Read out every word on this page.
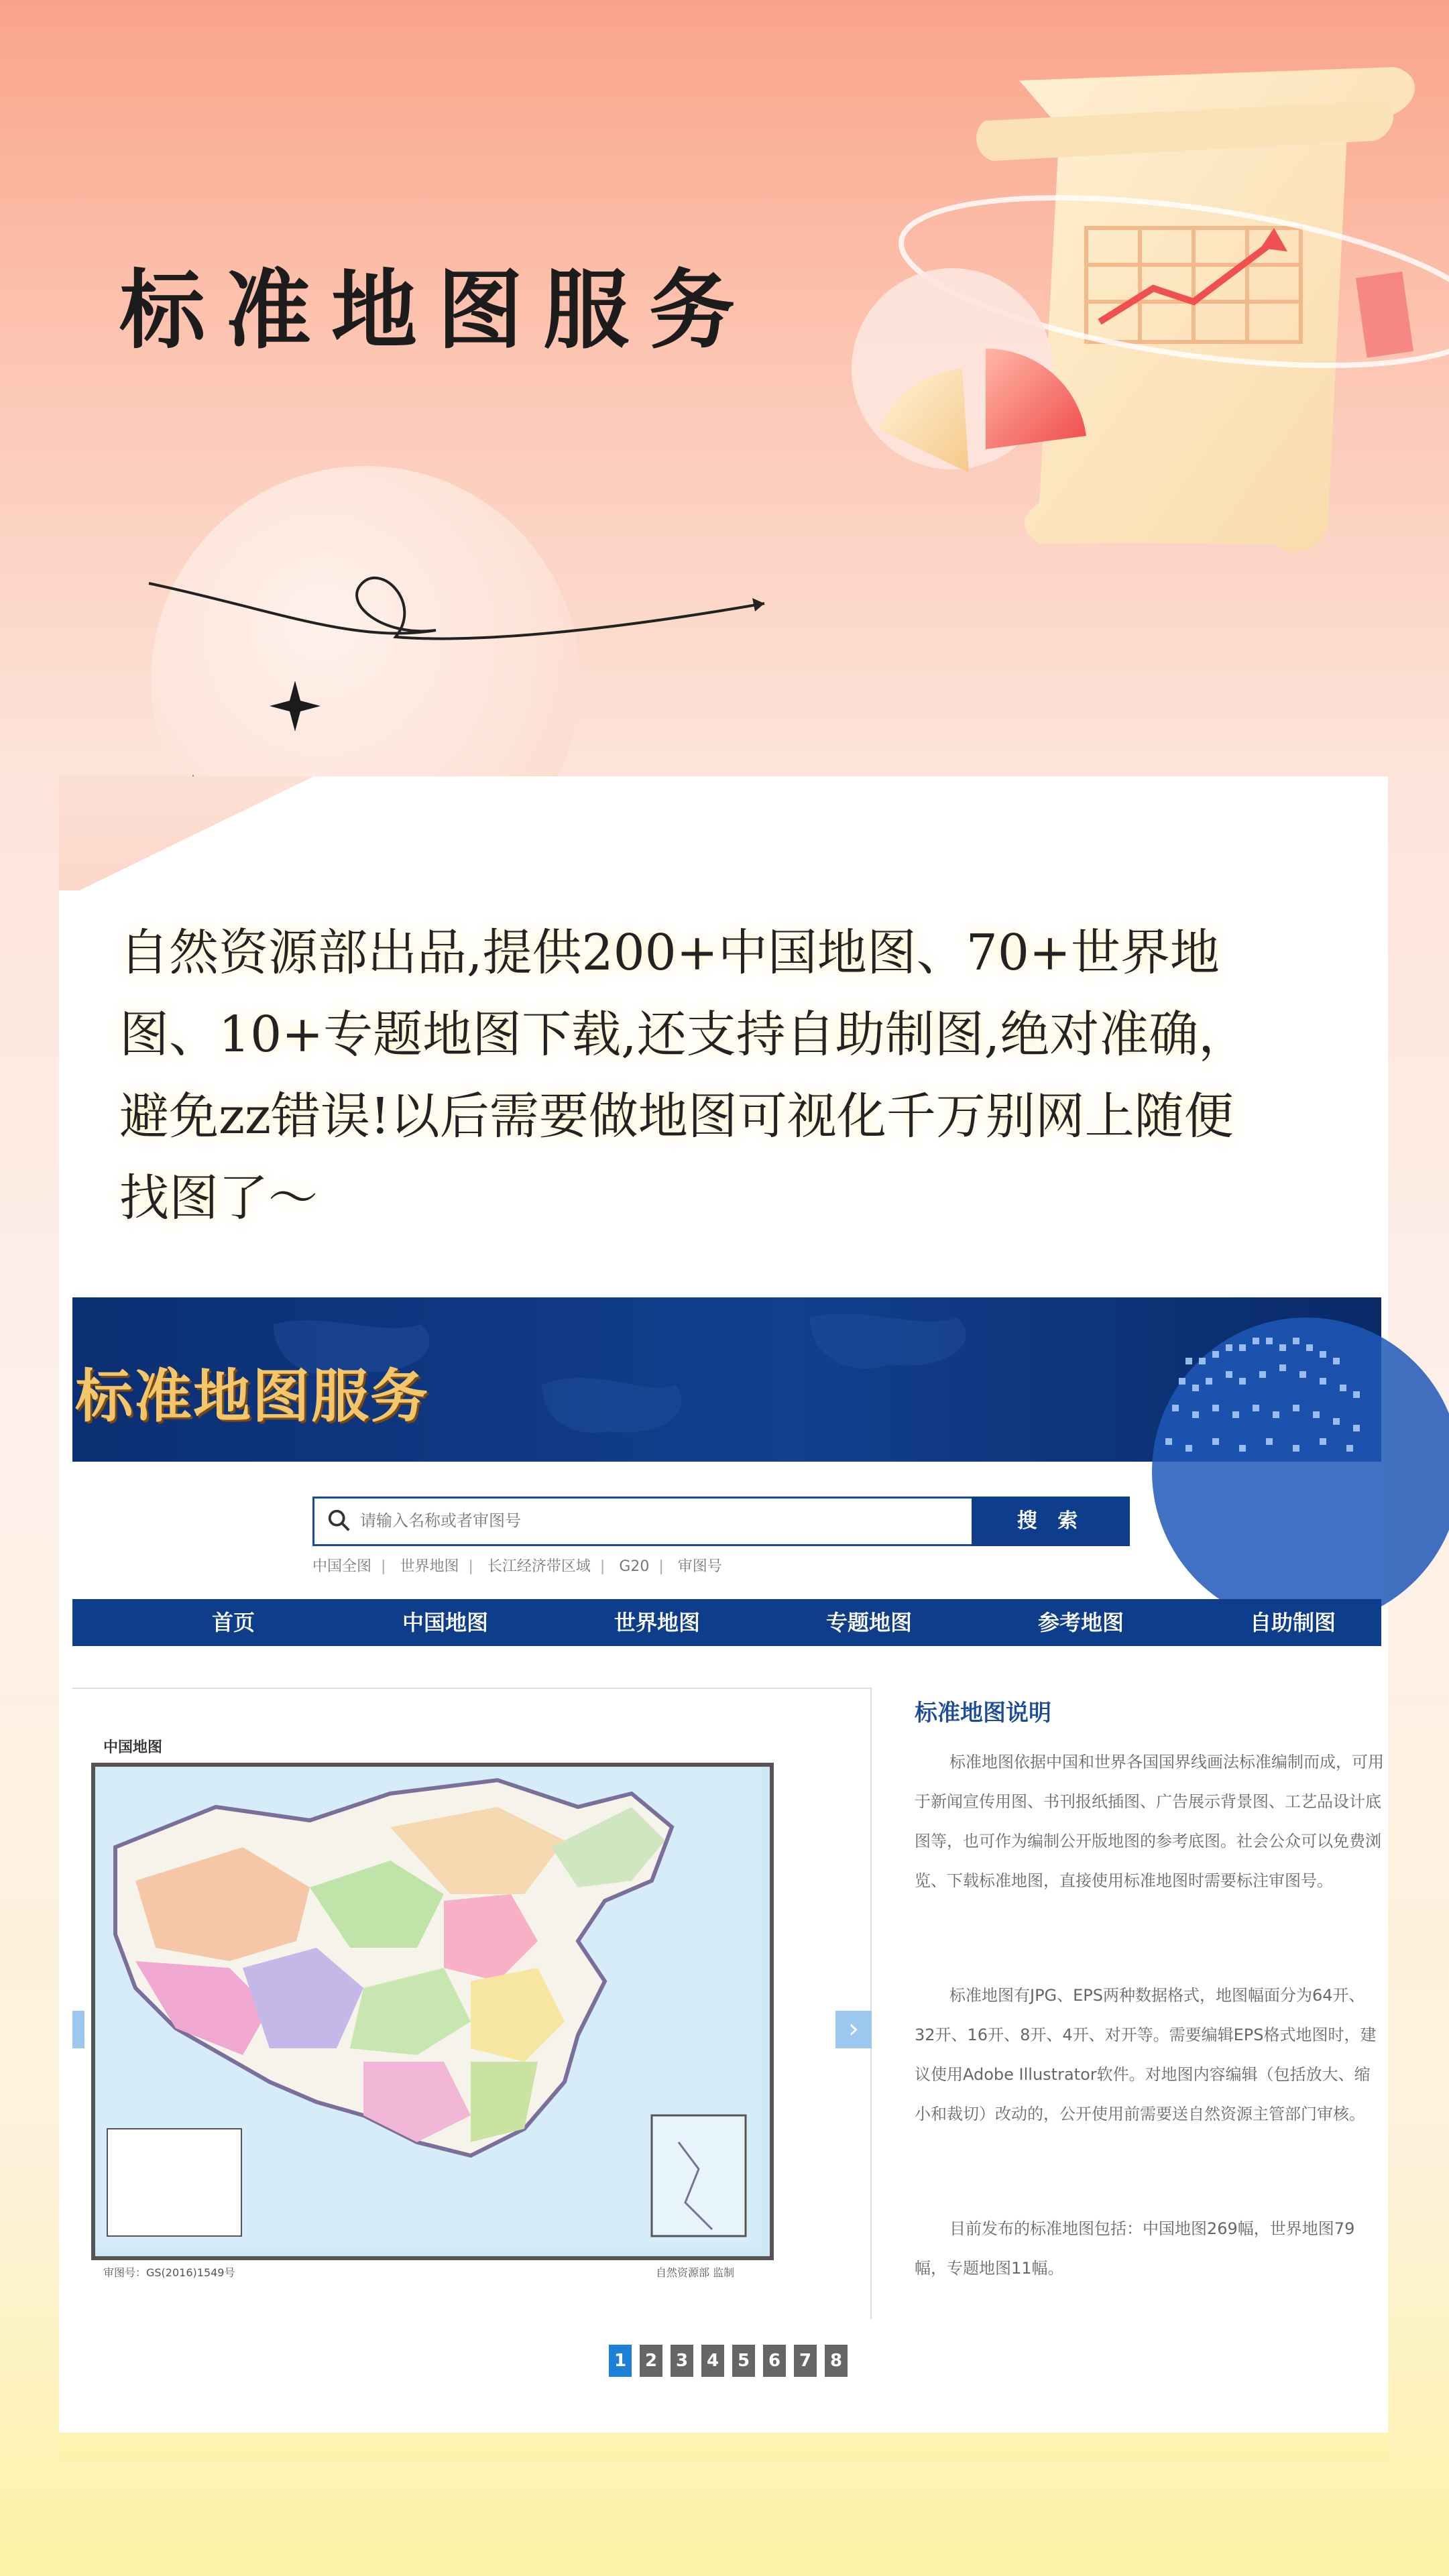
标准地图服务
自然资源部出品,提供200+中国地图、70+世界地图、10+专题地图下载,还支持自助制图,绝对准确，避免zz错误!以后需要做地图可视化千万别网上随便找图了～
标准地图服务
请输入名称或者审图号
搜 索
中国全图 | 世界地图 | 长江经济带区域 | G20 | 审图号
首页	中国地图	世界地图	专题地图	参考地图	自助制图
中国地图
审图号：GS(2016)1549号	自然资源部 监制
›
1 2 3 4 5 6 7 8
标准地图说明
标准地图依据中国和世界各国国界线画法标准编制而成，可用于新闻宣传用图、书刊报纸插图、广告展示背景图、工艺品设计底图等，也可作为编制公开版地图的参考底图。社会公众可以免费浏览、下载标准地图，直接使用标准地图时需要标注审图号。
标准地图有JPG、EPS两种数据格式，地图幅面分为64开、32开、16开、8开、4开、对开等。需要编辑EPS格式地图时，建议使用Adobe Illustrator软件。对地图内容编辑（包括放大、缩小和裁切）改动的，公开使用前需要送自然资源主管部门审核。
目前发布的标准地图包括：中国地图269幅，世界地图79幅，专题地图11幅。
